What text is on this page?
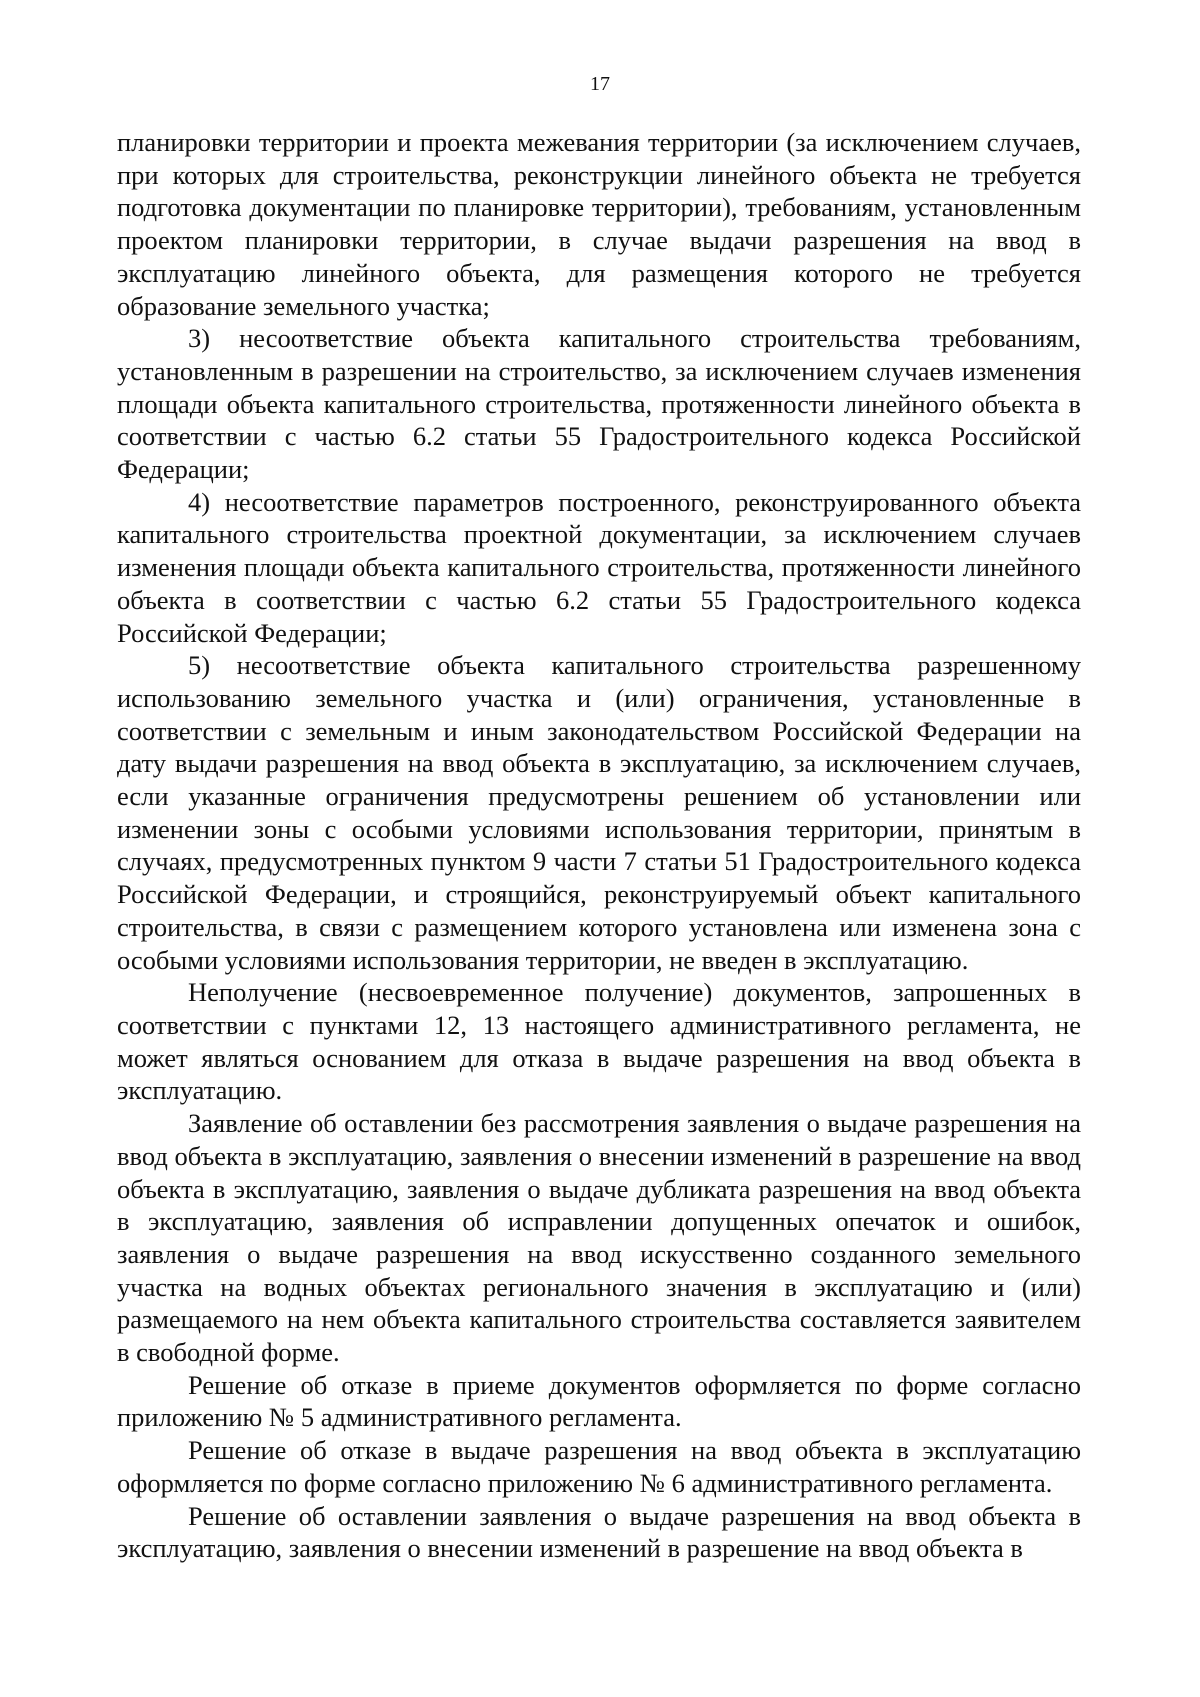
17

планировки территории и проекта межевания территории (за исключением случаев, при которых для строительства, реконструкции линейного объекта не требуется подготовка документации по планировке территории), требованиям, установленным проектом планировки территории, в случае выдачи разрешения на ввод в эксплуатацию линейного объекта, для размещения которого не требуется образование земельного участка;

3) несоответствие объекта капитального строительства требованиям, установленным в разрешении на строительство, за исключением случаев изменения площади объекта капитального строительства, протяженности линейного объекта в соответствии с частью 6.2 статьи 55 Градостроительного кодекса Российской Федерации;

4) несоответствие параметров построенного, реконструированного объекта капитального строительства проектной документации, за исключением случаев изменения площади объекта капитального строительства, протяженности линейного объекта в соответствии с частью 6.2 статьи 55 Градостроительного кодекса Российской Федерации;

5) несоответствие объекта капитального строительства разрешенному использованию земельного участка и (или) ограничения, установленные в соответствии с земельным и иным законодательством Российской Федерации на дату выдачи разрешения на ввод объекта в эксплуатацию, за исключением случаев, если указанные ограничения предусмотрены решением об установлении или изменении зоны с особыми условиями использования территории, принятым в случаях, предусмотренных пунктом 9 части 7 статьи 51 Градостроительного кодекса Российской Федерации, и строящийся, реконструируемый объект капитального строительства, в связи с размещением которого установлена или изменена зона с особыми условиями использования территории, не введен в эксплуатацию.

Неполучение (несвоевременное получение) документов, запрошенных в соответствии с пунктами 12, 13 настоящего административного регламента, не может являться основанием для отказа в выдаче разрешения на ввод объекта в эксплуатацию.

Заявление об оставлении без рассмотрения заявления о выдаче разрешения на ввод объекта в эксплуатацию, заявления о внесении изменений в разрешение на ввод объекта в эксплуатацию, заявления о выдаче дубликата разрешения на ввод объекта в эксплуатацию, заявления об исправлении допущенных опечаток и ошибок, заявления о выдаче разрешения на ввод искусственно созданного земельного участка на водных объектах регионального значения в эксплуатацию и (или) размещаемого на нем объекта капитального строительства составляется заявителем в свободной форме.

Решение об отказе в приеме документов оформляется по форме согласно приложению № 5 административного регламента.

Решение об отказе в выдаче разрешения на ввод объекта в эксплуатацию оформляется по форме согласно приложению № 6 административного регламента.

Решение об оставлении заявления о выдаче разрешения на ввод объекта в эксплуатацию, заявления о внесении изменений в разрешение на ввод объекта в
